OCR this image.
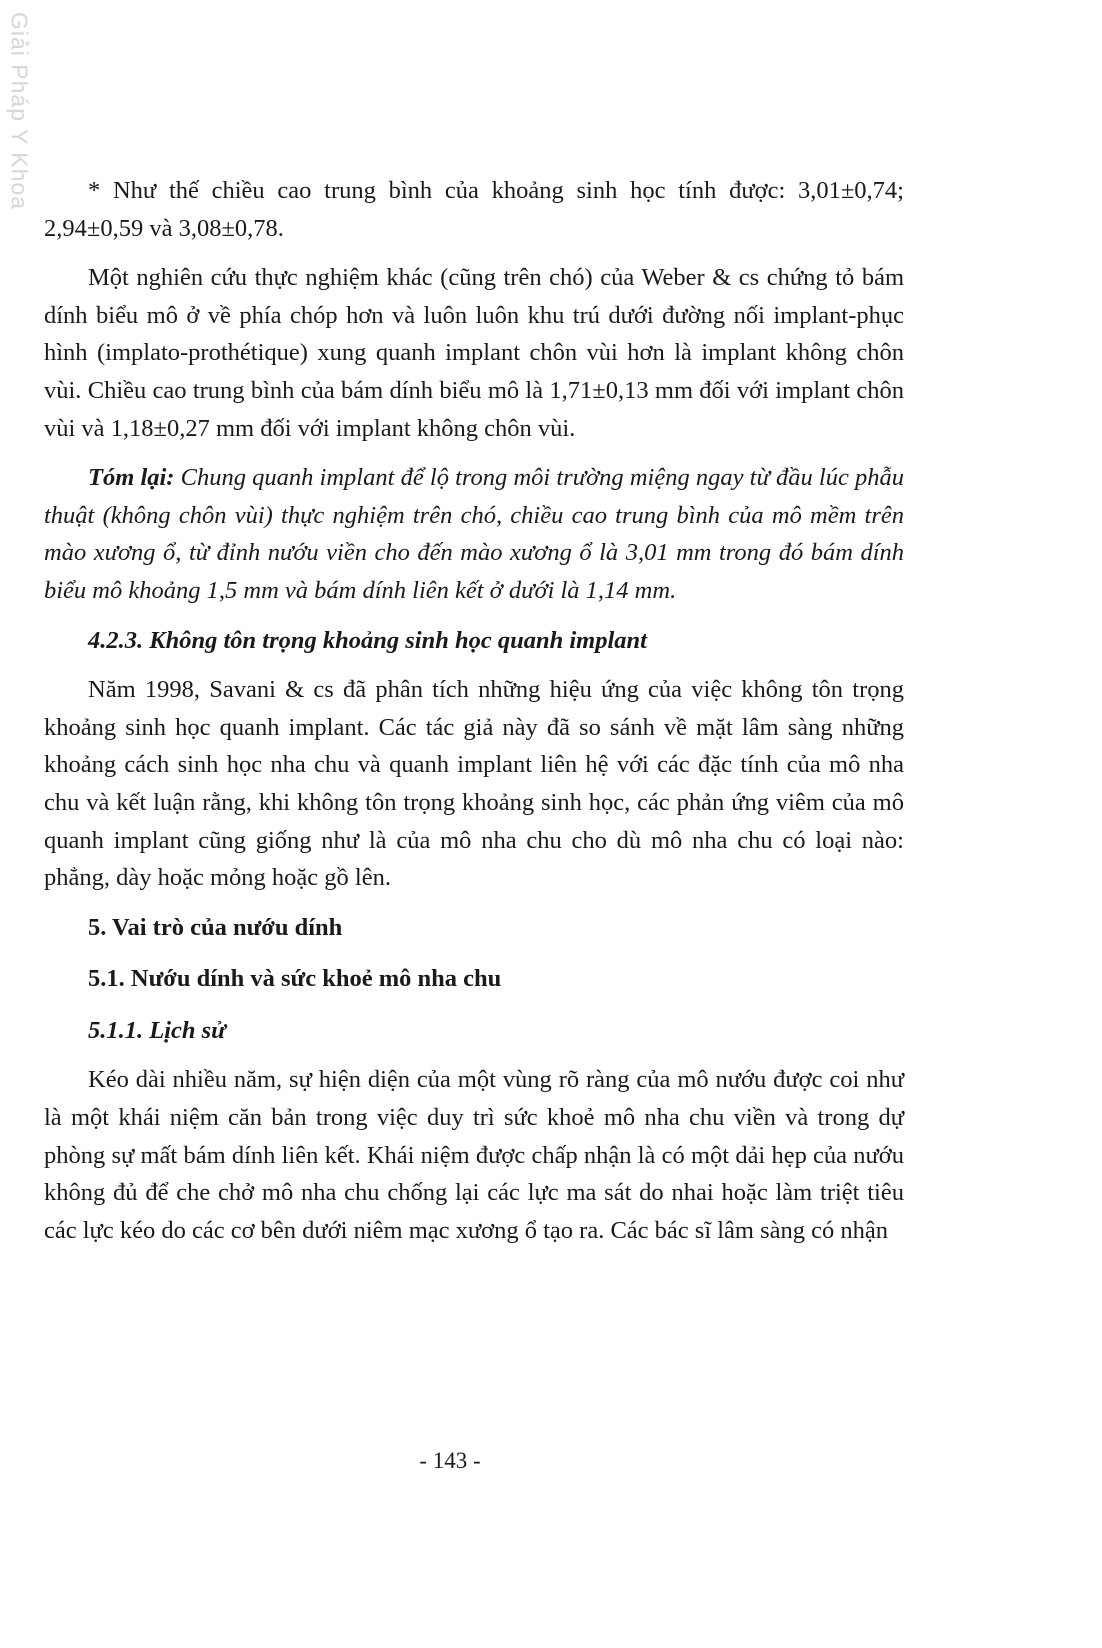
Giải Pháp Y Khoa	* Như thế chiều cao trung bình của khoảng sinh học tính được: 3,01±0,74; 2,94±0,59 và 3,08±0,78.

Một nghiên cứu thực nghiệm khác (cũng trên chó) của Weber & cs chứng tỏ bám dính biểu mô ở về phía chóp hơn và luôn luôn khu trú dưới đường nối implant-phục hình (implato-prothétique) xung quanh implant chôn vùi hơn là implant không chôn vùi. Chiều cao trung bình của bám dính biểu mô là 1,71±0,13 mm đối với implant chôn vùi và 1,18±0,27 mm đối với implant không chôn vùi.

Tóm lại: Chung quanh implant để lộ trong môi trường miệng ngay từ đầu lúc phẫu thuật (không chôn vùi) thực nghiệm trên chó, chiều cao trung bình của mô mềm trên mào xương ổ, từ đỉnh nướu viền cho đến mào xương ổ là 3,01 mm trong đó bám dính biểu mô khoảng 1,5 mm và bám dính liên kết ở dưới là 1,14 mm.

4.2.3. Không tôn trọng khoảng sinh học quanh implant

Năm 1998, Savani & cs đã phân tích những hiệu ứng của việc không tôn trọng khoảng sinh học quanh implant. Các tác giả này đã so sánh về mặt lâm sàng những khoảng cách sinh học nha chu và quanh implant liên hệ với các đặc tính của mô nha chu và kết luận rằng, khi không tôn trọng khoảng sinh học, các phản ứng viêm của mô quanh implant cũng giống như là của mô nha chu cho dù mô nha chu có loại nào: phẳng, dày hoặc mỏng hoặc gồ lên.

5. Vai trò của nướu dính

5.1. Nướu dính và sức khoẻ mô nha chu

5.1.1. Lịch sử

Kéo dài nhiều năm, sự hiện diện của một vùng rõ ràng của mô nướu được coi như là một khái niệm căn bản trong việc duy trì sức khoẻ mô nha chu viền và trong dự phòng sự mất bám dính liên kết. Khái niệm được chấp nhận là có một dải hẹp của nướu không đủ để che chở mô nha chu chống lại các lực ma sát do nhai hoặc làm triệt tiêu các lực kéo do các cơ bên dưới niêm mạc xương ổ tạo ra. Các bác sĩ lâm sàng có nhận

- 143 -
